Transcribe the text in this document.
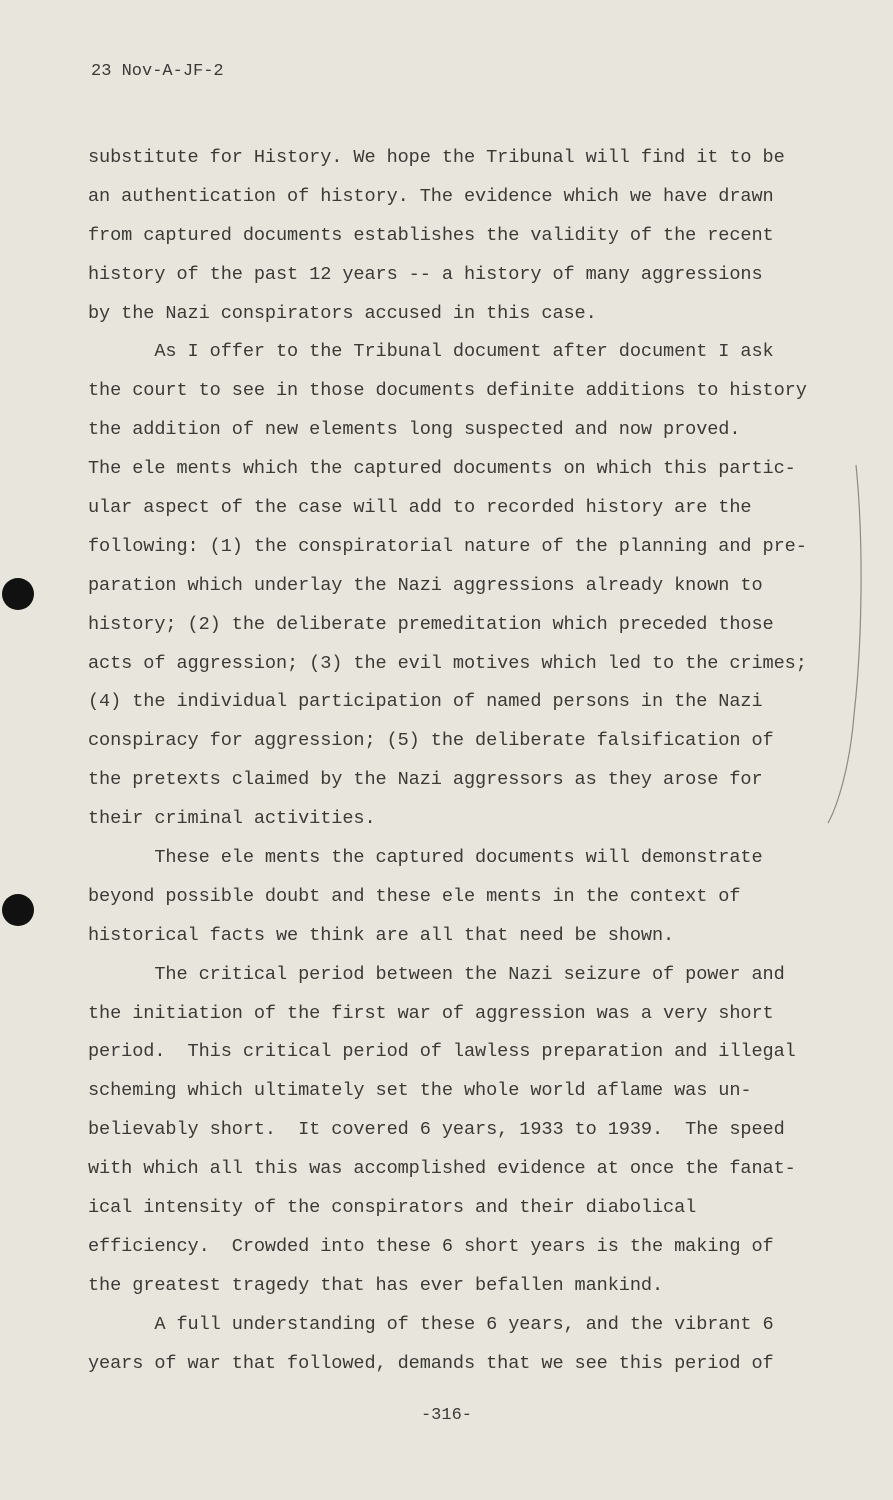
23 Nov-A-JF-2
substitute for History. We hope the Tribunal will find it to be
an authentication of history. The evidence which we have drawn
from captured documents establishes the validity of the recent
history of the past 12 years -- a history of many aggressions
by the Nazi conspirators accused in this case.
As I offer to the Tribunal document after document I ask
the court to see in those documents definite additions to history
the addition of new elements long suspected and now proved.
The ele ments which the captured documents on which this partic-
ular aspect of the case will add to recorded history are the
following: (1) the conspiratorial nature of the planning and pre-
paration which underlay the Nazi aggressions already known to
history; (2) the deliberate premeditation which preceded those
acts of aggression; (3) the evil motives which led to the crimes;
(4) the individual participation of named persons in the Nazi
conspiracy for aggression; (5) the deliberate falsification of
the pretexts claimed by the Nazi aggressors as they arose for
their criminal activities.
These ele ments the captured documents will demonstrate
beyond possible doubt and these ele ments in the context of
historical facts we think are all that need be shown.
The critical period between the Nazi seizure of power and
the initiation of the first war of aggression was a very short
period.  This critical period of lawless preparation and illegal
scheming which ultimately set the whole world aflame was un-
believably short.  It covered 6 years, 1933 to 1939.  The speed
with which all this was accomplished evidence at once the fanat-
ical intensity of the conspirators and their diabolical
efficiency.  Crowded into these 6 short years is the making of
the greatest tragedy that has ever befallen mankind.
A full understanding of these 6 years, and the vibrant 6
years of war that followed, demands that we see this period of
-316-
